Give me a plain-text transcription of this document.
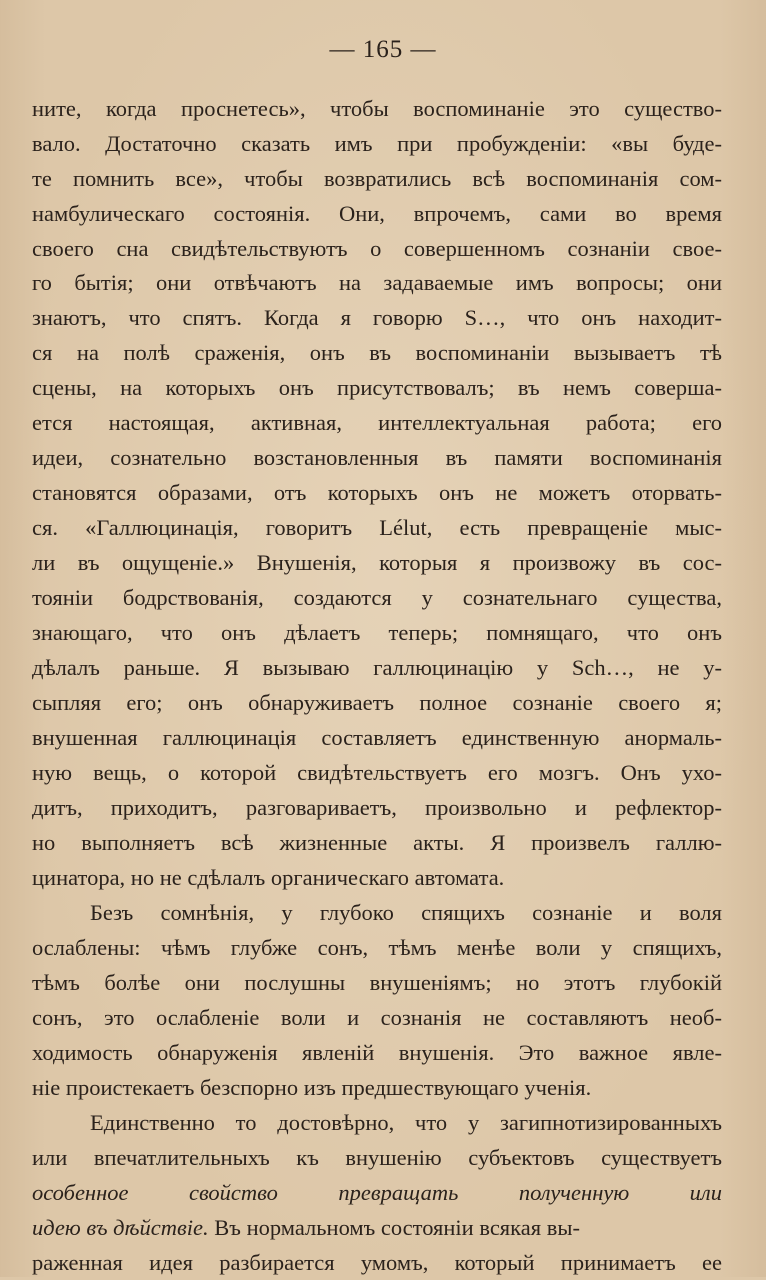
— 165 —
ните, когда проснетесь», чтобы воспоминаніе это существо-
вало. Достаточно сказать имъ при пробужденіи: «вы буде-
те помнить все», чтобы возвратились всѣ воспоминанія сом-
намбулическаго состоянія. Они, впрочемъ, сами во время
своего сна свидѣтельствуютъ о совершенномъ сознаніи свое-
го бытія; они отвѣчаютъ на задаваемые имъ вопросы; они
знаютъ, что спятъ. Когда я говорю S…, что онъ находит-
ся на полѣ сраженія, онъ въ воспоминаніи вызываетъ тѣ
сцены, на которыхъ онъ присутствовалъ; въ немъ соверша-
ется настоящая, активная, интеллектуальная работа; его
идеи, сознательно возстановленныя въ памяти воспоминанія
становятся образами, отъ которыхъ онъ не можетъ оторвать-
ся. «Галлюцинація, говоритъ Lélut, есть превращеніе мыс-
ли въ ощущеніе.» Внушенія, которыя я произвожу въ сос-
тояніи бодрствованія, создаются у сознательнаго существа,
знающаго, что онъ дѣлаетъ теперь; помнящаго, что онъ
дѣлалъ раньше. Я вызываю галлюцинацію у Sch…, не у-
сыпляя его; онъ обнаруживаетъ полное сознаніе своего я;
внушенная галлюцинація составляетъ единственную анормаль-
ную вещь, о которой свидѣтельствуетъ его мозгъ. Онъ ухо-
дитъ, приходитъ, разговариваетъ, произвольно и рефлектор-
но выполняетъ всѣ жизненные акты. Я произвелъ галлю-
цинатора, но не сдѣлалъ органическаго автомата.
Безъ сомнѣнія, у глубоко спящихъ сознаніе и воля
ослаблены: чѣмъ глубже сонъ, тѣмъ менѣе воли у спящихъ,
тѣмъ болѣе они послушны внушеніямъ; но этотъ глубокій
сонъ, это ослабленіе воли и сознанія не составляютъ необ-
ходимость обнаруженія явленій внушенія. Это важное явле-
ніе проистекаетъ безспорно изъ предшествующаго ученія.
Единственно то достовѣрно, что у загипнотизированныхъ
или впечатлительныхъ къ внушенію субъектовъ существуетъ
особенное свойство превращать полученную или
идею въ дѣйствіе. Въ нормальномъ состояніи всякая вы-
раженная идея разбирается умомъ, который принимаетъ ее
